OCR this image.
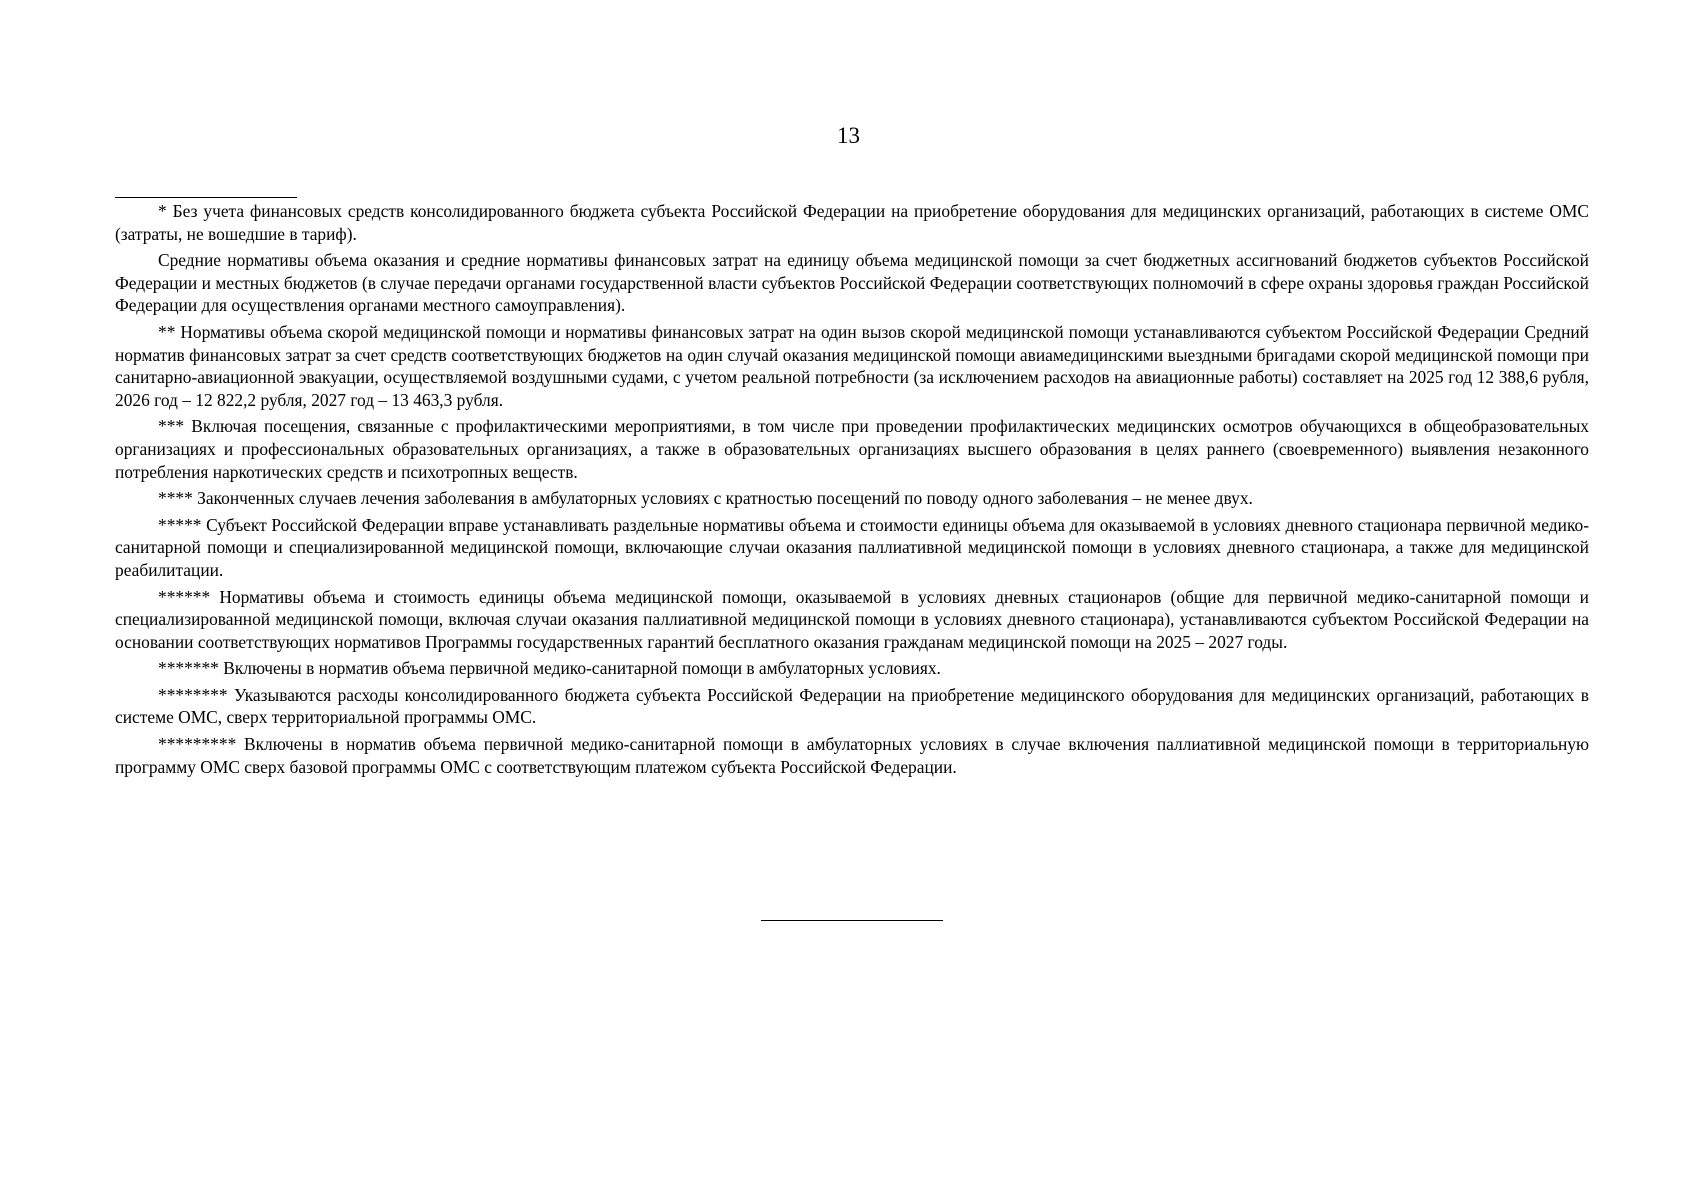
13

* Без учета финансовых средств консолидированного бюджета субъекта Российской Федерации на приобретение оборудования для медицинских организаций, работающих в системе ОМС (затраты, не вошедшие в тариф).

Средние нормативы объема оказания и средние нормативы финансовых затрат на единицу объема медицинской помощи за счет бюджетных ассигнований бюджетов субъектов Российской Федерации и местных бюджетов (в случае передачи органами государственной власти субъектов Российской Федерации соответствующих полномочий в сфере охраны здоровья граждан Российской Федерации для осуществления органами местного самоуправления).

** Нормативы объема скорой медицинской помощи и нормативы финансовых затрат на один вызов скорой медицинской помощи устанавливаются субъектом Российской Федерации Средний норматив финансовых затрат за счет средств соответствующих бюджетов на один случай оказания медицинской помощи авиамедицинскими выездными бригадами скорой медицинской помощи при санитарно-авиационной эвакуации, осуществляемой воздушными судами, с учетом реальной потребности (за исключением расходов на авиационные работы) составляет на 2025 год 12 388,6 рубля, 2026 год – 12 822,2 рубля, 2027 год – 13 463,3 рубля.

*** Включая посещения, связанные с профилактическими мероприятиями, в том числе при проведении профилактических медицинских осмотров обучающихся в общеобразовательных организациях и профессиональных образовательных организациях, а также в образовательных организациях высшего образования в целях раннего (своевременного) выявления незаконного потребления наркотических средств и психотропных веществ.

**** Законченных случаев лечения заболевания в амбулаторных условиях с кратностью посещений по поводу одного заболевания – не менее двух.

***** Субъект Российской Федерации вправе устанавливать раздельные нормативы объема и стоимости единицы объема для оказываемой в условиях дневного стационара первичной медико-санитарной помощи и специализированной медицинской помощи, включающие случаи оказания паллиативной медицинской помощи в условиях дневного стационара, а также для медицинской реабилитации.

****** Нормативы объема и стоимость единицы объема медицинской помощи, оказываемой в условиях дневных стационаров (общие для первичной медико-санитарной помощи и специализированной медицинской помощи, включая случаи оказания паллиативной медицинской помощи в условиях дневного стационара), устанавливаются субъектом Российской Федерации на основании соответствующих нормативов Программы государственных гарантий бесплатного оказания гражданам медицинской помощи на 2025 – 2027 годы.

******* Включены в норматив объема первичной медико-санитарной помощи в амбулаторных условиях.

******** Указываются расходы консолидированного бюджета субъекта Российской Федерации на приобретение медицинского оборудования для медицинских организаций, работающих в системе ОМС, сверх территориальной программы ОМС.

********* Включены в норматив объема первичной медико-санитарной помощи в амбулаторных условиях в случае включения паллиативной медицинской помощи в территориальную программу ОМС сверх базовой программы ОМС с соответствующим платежом субъекта Российской Федерации.
